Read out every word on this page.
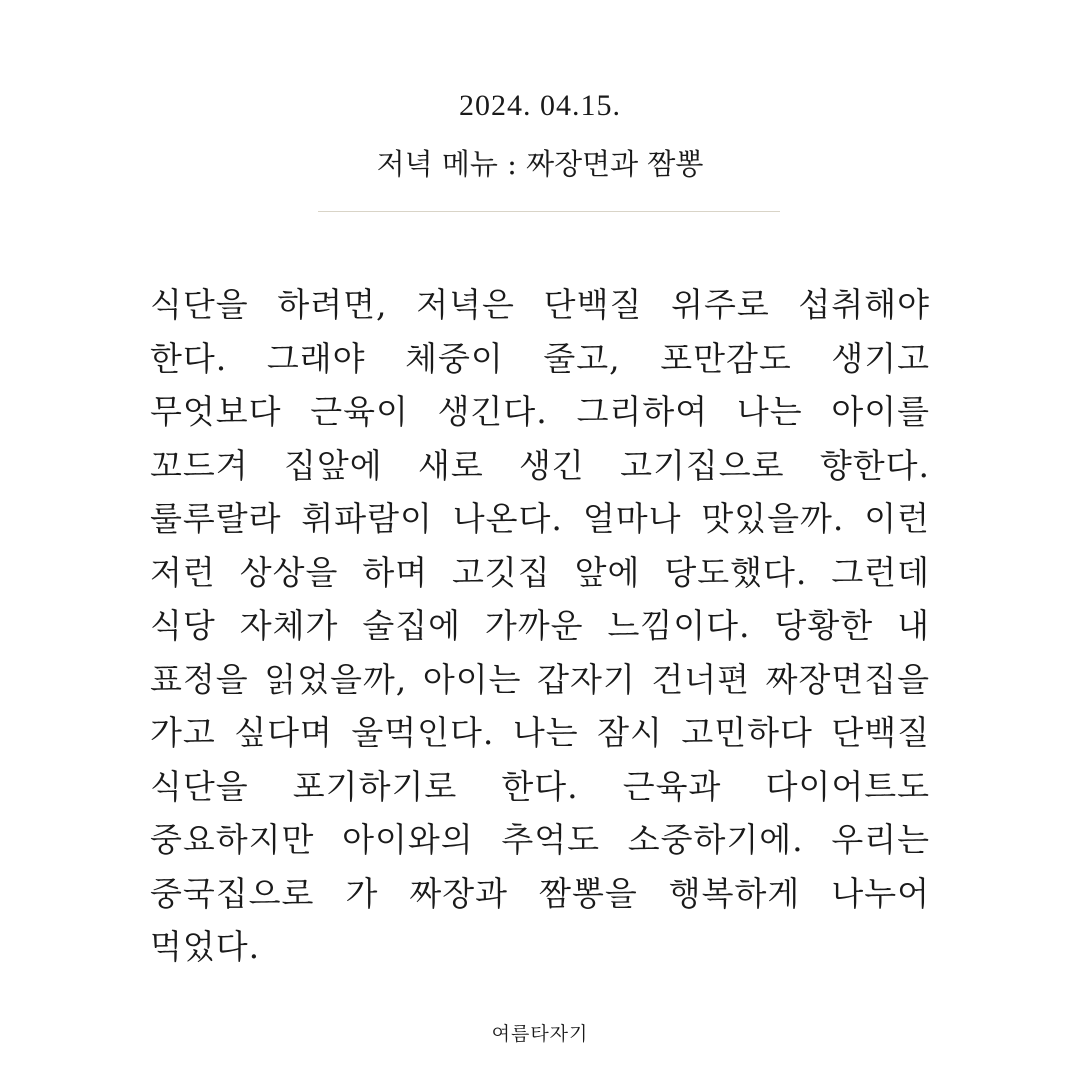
2024. 04.15.
저녁 메뉴 : 짜장면과 짬뽕
식단을 하려면, 저녁은 단백질 위주로 섭취해야 한다. 그래야 체중이 줄고, 포만감도 생기고 무엇보다 근육이 생긴다. 그리하여 나는 아이를 꼬드겨 집앞에 새로 생긴 고기집으로 향한다. 룰루랄라 휘파람이 나온다. 얼마나 맛있을까. 이런 저런 상상을 하며 고깃집 앞에 당도했다. 그런데 식당 자체가 술집에 가까운 느낌이다. 당황한 내 표정을 읽었을까, 아이는 갑자기 건너편 짜장면집을 가고 싶다며 울먹인다. 나는 잠시 고민하다 단백질 식단을 포기하기로 한다. 근육과 다이어트도 중요하지만 아이와의 추억도 소중하기에. 우리는 중국집으로 가 짜장과 짬뽕을 행복하게 나누어 먹었다.
여름타자기
